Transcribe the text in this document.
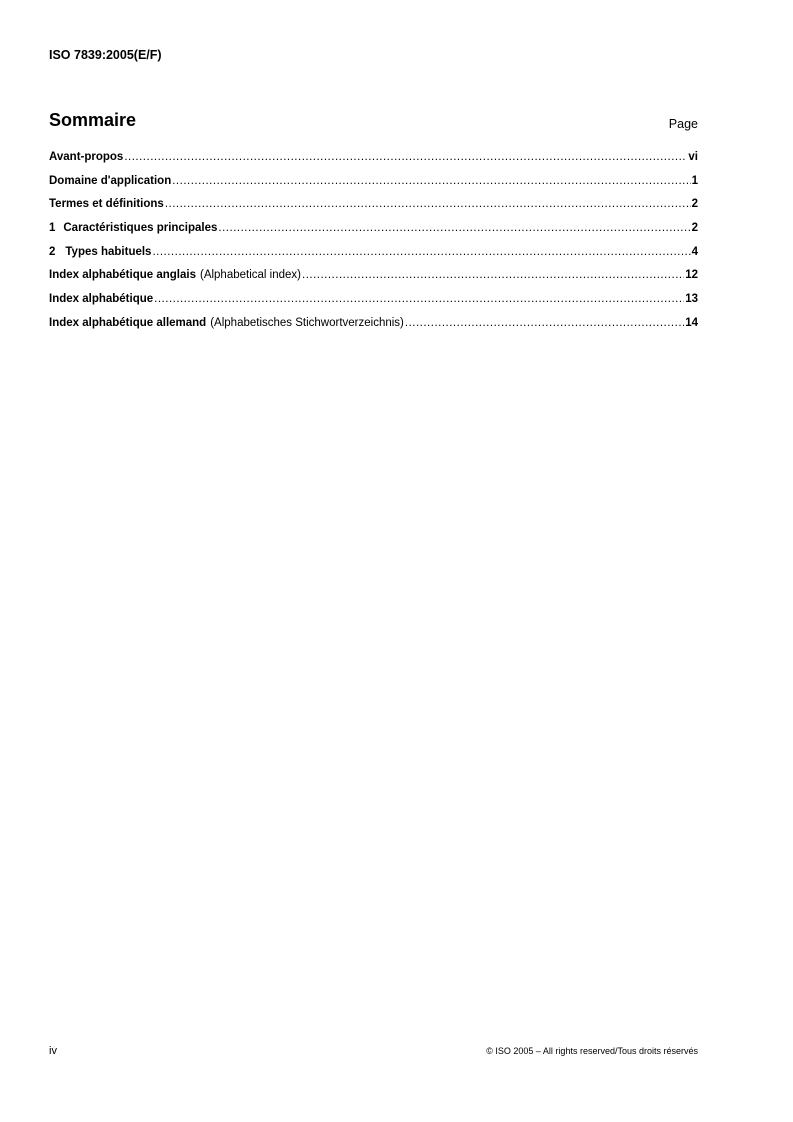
ISO 7839:2005(E/F)
Sommaire	Page
Avant-propos .....	vi
Domaine d'application .....	1
Termes et définitions .....	2
1 Caractéristiques principales .....	2
2 Types habituels .....	4
Index alphabétique anglais (Alphabetical index) .....	12
Index alphabétique .....	13
Index alphabétique allemand (Alphabetisches Stichwortverzeichnis) .....	14
iv	© ISO 2005 – All rights reserved/Tous droits réservés
